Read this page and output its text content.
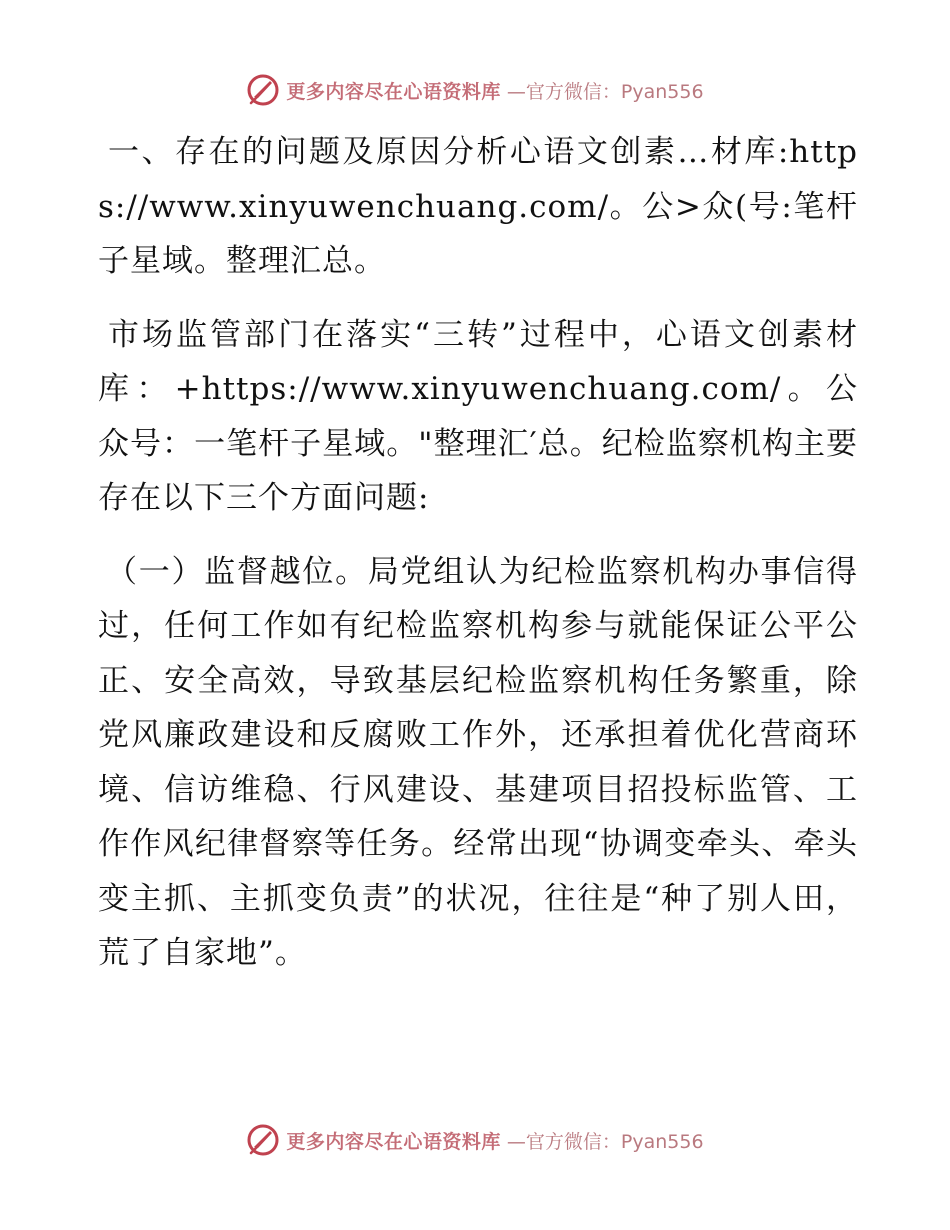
更多内容尽在心语资料库 —官方微信：Pyan556

一、存在的问题及原因分析心语文创素…材库:https://www.xinyuwenchuang.com/。公>众(号:笔杆子星域。整理汇总。

市场监管部门在落实“三转”过程中，心语文创素材库：+https://www.xinyuwenchuang.com/。公众号：一笔杆子星域。"整理汇′总。纪检监察机构主要存在以下三个方面问题:

（一）监督越位。局党组认为纪检监察机构办事信得过，任何工作如有纪检监察机构参与就能保证公平公正、安全高效，导致基层纪检监察机构任务繁重，除党风廉政建设和反腐败工作外，还承担着优化营商环境、信访维稳、行风建设、基建项目招投标监管、工作作风纪律督察等任务。经常出现“协调变牵头、牵头变主抓、主抓变负责”的状况，往往是“种了别人田，荒了自家地”。

更多内容尽在心语资料库 —官方微信：Pyan556
